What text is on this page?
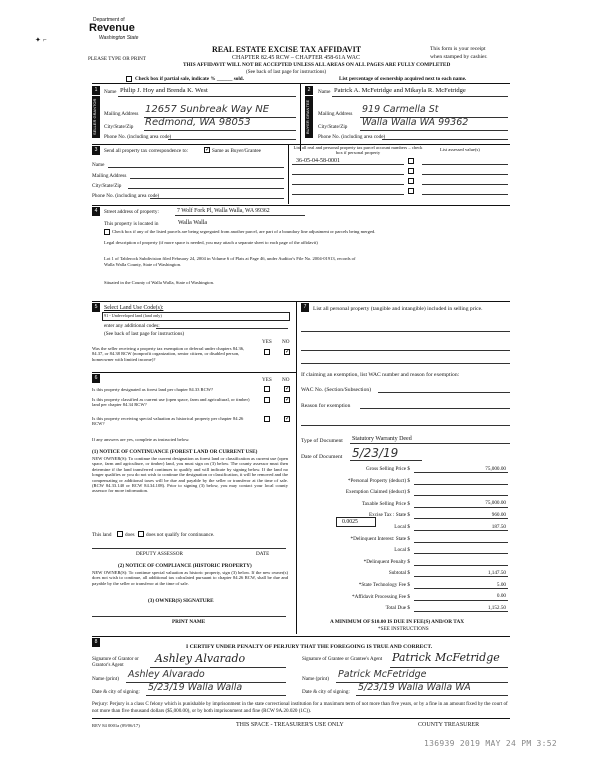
Department of
Revenue
Washington State
✦ ⌐
REAL ESTATE EXCISE TAX AFFIDAVIT
PLEASE TYPE OR PRINT	CHAPTER 82.45 RCW – CHAPTER 458-61A WAC
THIS AFFIDAVIT WILL NOT BE ACCEPTED UNLESS ALL AREAS ON ALL PAGES ARE FULLY COMPLETED
(See back of last page for instructions)
This form is your receipt
when stamped by cashier.
Check box if partial sale, indicate % ______ sold.	List percentage of ownership acquired next to each name.
1
SELLER GRANTOR
Name Philip J. Hoy and Brenda K. West
Mailing Address 12657 Sunbreak Way NE
City/State/Zip Redmond, WA 98053
Phone No. (including area code)
2
BUYER GRANTEE
Name Patrick A. McFetridge and Mikayla R. McFetridge
Mailing Address 919 Carmella St
City/State/Zip Walla Walla WA 99362
Phone No. (including area code)
3	Send all property tax correspondence to:	✓ Same as Buyer/Grantee
Name
Mailing Address
City/State/Zip
Phone No. (including area code)
List all real and personal property tax parcel account numbers – check box if personal property
List assessed value(s)
36-05-04-58-0001
4	Street address of property:	7 Wolf Fork Pl, Walla Walla, WA 99362
This property is located in	Walla Walla
Check box if any of the listed parcels are being segregated from another parcel, are part of a boundary line adjustment or parcels being merged.
Legal description of property (if more space is needed, you may attach a separate sheet to each page of the affidavit)
Lot 1 of Tablerock Subdivision filed February 24, 2004 in Volume 6 of Plats at Page 46, under Auditor's File No. 2004-01913, records of
Walla Walla County, State of Washington.
Situated in the County of Walla Walla, State of Washington.
5	Select Land Use Code(s):
91 - Undeveloped land (land only)
enter any additional codes:
(See back of last page for instructions)
YES NO
Was the seller receiving a property tax exemption or deferral under chapters 84.36, 84.37, or 84.38 RCW (nonprofit organization, senior citizen, or disabled person, homeowner with limited income)?
✓
6	YES NO
Is this property designated as forest land per chapter 84.33 RCW?	✓
Is this property classified as current use (open space, farm and agricultural, or timber) land per chapter 84.34 RCW?
✓
Is this property receiving special valuation as historical property per chapter 84.26 RCW?
✓
If any answers are yes, complete as instructed below.
(1) NOTICE OF CONTINUANCE (FOREST LAND OR CURRENT USE)
NEW OWNER(S): To continue the current designation as forest land or classification as current use (open space, farm and agriculture, or timber) land, you must sign on (3) below. The county assessor must then determine if the land transferred continues to qualify and will indicate by signing below. If the land no longer qualifies or you do not wish to continue the designation or classification, it will be removed and the compensating or additional taxes will be due and payable by the seller or transferor at the time of sale. (RCW 84.33.140 or RCW 84.34.108). Prior to signing (3) below, you may contact your local county assessor for more information.
This land	does does not qualify for continuance.
DEPUTY ASSESSOR	DATE
(2) NOTICE OF COMPLIANCE (HISTORIC PROPERTY)
NEW OWNER(S): To continue special valuation as historic property, sign (3) below. If the new owner(s) does not wish to continue, all additional tax calculated pursuant to chapter 84.26 RCW, shall be due and payable by the seller or transferor at the time of sale.
(3) OWNER(S) SIGNATURE
PRINT NAME
7	List all personal property (tangible and intangible) included in selling price.
If claiming an exemption, list WAC number and reason for exemption:
WAC No. (Section/Subsection)
Reason for exemption
Type of Document Statutory Warranty Deed
Date of Document 5/23/19
Gross Selling Price $	75,000.00
*Personal Property (deduct) $
Exemption Claimed (deduct) $
Taxable Selling Price $	75,000.00
Excise Tax : State $	960.00
Local $	187.50
*Delinquent Interest: State $
Local $
*Delinquent Penalty $
Subtotal $	1,147.50
*State Technology Fee $	5.00
*Affidavit Processing Fee $	0.00
Total Due $	1,152.50
0.0025
A MINIMUM OF $10.00 IS DUE IN FEE(S) AND/OR TAX
*SEE INSTRUCTIONS
8
I CERTIFY UNDER PENALTY OF PERJURY THAT THE FOREGOING IS TRUE AND CORRECT.
Signature of Grantor or Grantor's Agent
Ashley Alvarado
Name (print) Ashley Alvarado
Date & city of signing: 5/23/19 Walla Walla
Signature of Grantee or Grantee's Agent Patrick McFetridge
Name (print) Patrick McFetridge
Date & city of signing: 5/23/19 Walla Walla WA
Perjury: Perjury is a class C felony which is punishable by imprisonment in the state correctional institution for a maximum term of not more than five years, or by a fine in an amount fixed by the court of not more than five thousand dollars ($5,000.00), or by both imprisonment and fine (RCW 9A.20.020 (1C)).
REV 84 0001a (09/06/17)	THIS SPACE - TREASURER'S USE ONLY	COUNTY TREASURER
136939 2019 MAY 24 PM 3:52
